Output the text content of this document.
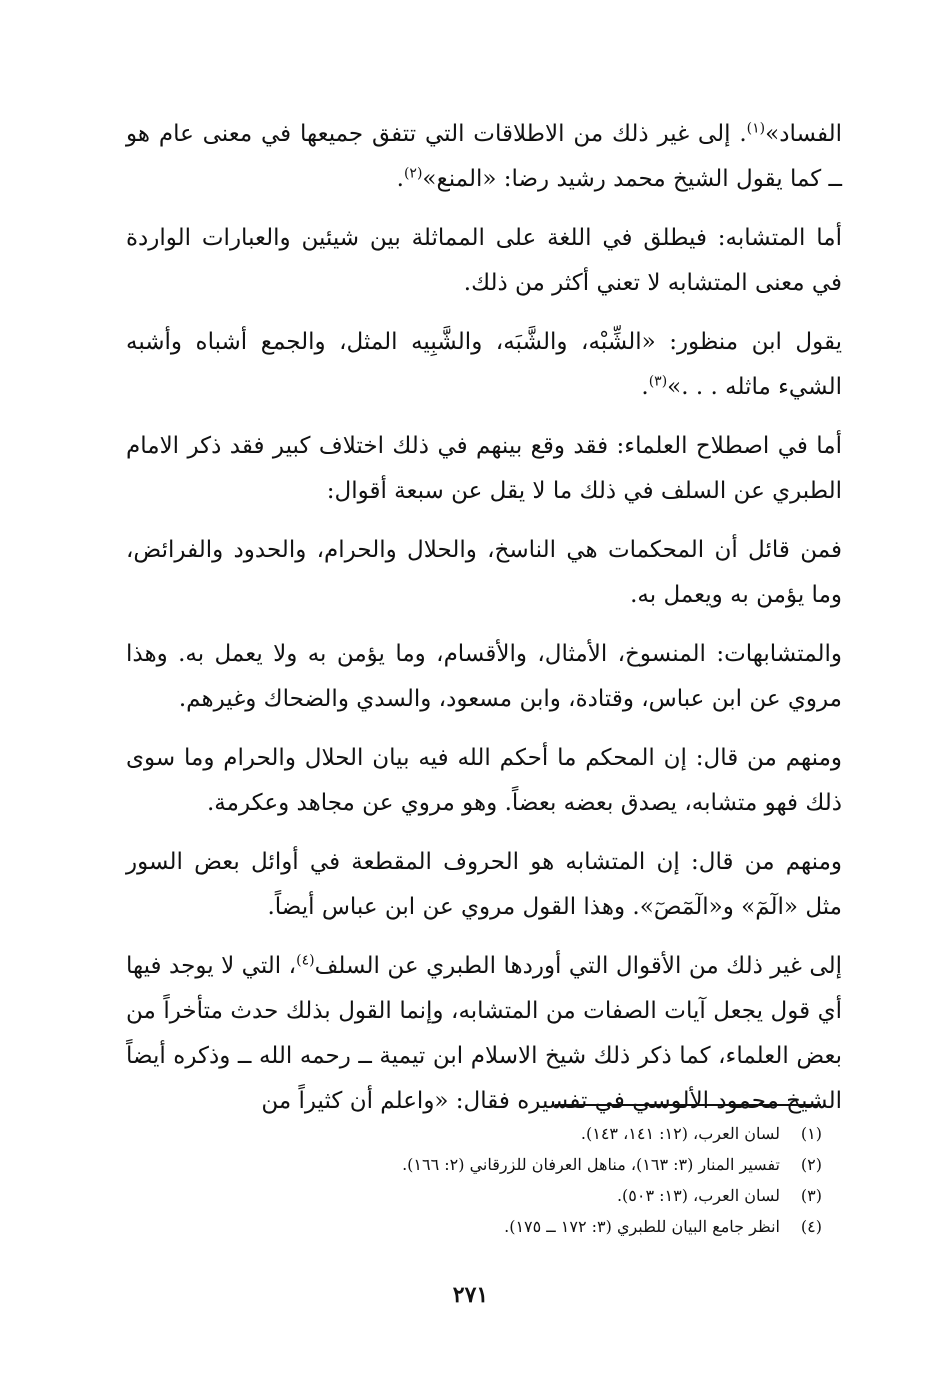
الفساد»$^{(١)}$. إلى غير ذلك من الاطلاقات التي تتفق جميعها في معنى عام هو ــ كما يقول الشيخ محمد رشيد رضا: «المنع»$^{(٢)}$.

أما المتشابه: فيطلق في اللغة على المماثلة بين شيئين والعبارات الواردة في معنى المتشابه لا تعني أكثر من ذلك.

يقول ابن منظور: «الشِّبْه، والشَّبَه، والشَّبِيه المثل، والجمع أشباه وأشبه الشيء ماثله . . .»$^{(٣)}$.

أما في اصطلاح العلماء: فقد وقع بينهم في ذلك اختلاف كبير فقد ذكر الامام الطبري عن السلف في ذلك ما لا يقل عن سبعة أقوال:

فمن قائل أن المحكمات هي الناسخ، والحلال والحرام، والحدود والفرائض، وما يؤمن به ويعمل به.

والمتشابهات: المنسوخ، الأمثال، والأقسام، وما يؤمن به ولا يعمل به. وهذا مروي عن ابن عباس، وقتادة، وابن مسعود، والسدي والضحاك وغيرهم.

ومنهم من قال: إن المحكم ما أحكم الله فيه بيان الحلال والحرام وما سوى ذلك فهو متشابه، يصدق بعضه بعضاً. وهو مروي عن مجاهد وعكرمة.

ومنهم من قال: إن المتشابه هو الحروف المقطعة في أوائل بعض السور مثل «الٓمٓ» و«الٓمٓصٓ». وهذا القول مروي عن ابن عباس أيضاً.

إلى غير ذلك من الأقوال التي أوردها الطبري عن السلف$^{(٤)}$، التي لا يوجد فيها أي قول يجعل آيات الصفات من المتشابه، وإنما القول بذلك حدث متأخراً من بعض العلماء، كما ذكر ذلك شيخ الاسلام ابن تيمية ــ رحمه الله ــ وذكره أيضاً الشيخ محمود الألوسي في تفسيره فقال: «واعلم أن كثيراً من

(١)لسان العرب، (١٢: ١٤١، ١٤٣).
(٢)تفسير المنار (٣: ١٦٣)، مناهل العرفان للزرقاني (٢: ١٦٦).
(٣)لسان العرب، (١٣: ٥٠٣).
(٤)انظر جامع البيان للطبري (٣: ١٧٢ ــ ١٧٥).
٢٧١
